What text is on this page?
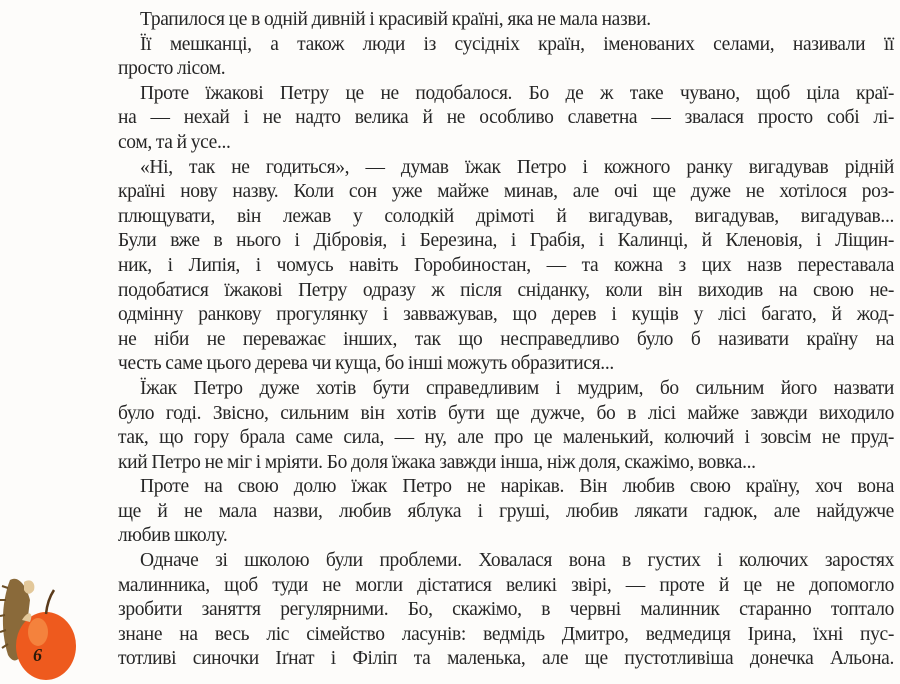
Трапилося це в одній дивній і красивій країні, яка не мала назви.
Її мешканці, а також люди із сусідніх країн, іменованих селами, називали її
просто лісом.
Проте їжакові Петру це не подобалося. Бо де ж таке чувано, щоб ціла краї-
на — нехай і не надто велика й не особливо славетна — звалася просто собі лі-
сом, та й усе...
«Ні, так не годиться», — думав їжак Петро і кожного ранку вигадував рідній
країні нову назву. Коли сон уже майже минав, але очі ще дуже не хотілося роз-
плющувати, він лежав у солодкій дрімоті й вигадував, вигадував, вигадував...
Були вже в нього і Дібровія, і Березина, і Грабія, і Калинці, й Кленовія, і Ліщин-
ник, і Липія, і чомусь навіть Горобиностан, — та кожна з цих назв переставала
подобатися їжакові Петру одразу ж після сніданку, коли він виходив на свою не-
одмінну ранкову прогулянку і завважував, що дерев і кущів у лісі багато, й жод-
не ніби не переважає інших, так що несправедливо було б називати країну на
честь саме цього дерева чи куща, бо інші можуть образитися...
Їжак Петро дуже хотів бути справедливим і мудрим, бо сильним його назвати
було годі. Звісно, сильним він хотів бути ще дужче, бо в лісі майже завжди виходило
так, що гору брала саме сила, — ну, але про це маленький, колючий і зовсім не пруд-
кий Петро не міг і мріяти. Бо доля їжака завжди інша, ніж доля, скажімо, вовка...
Проте на свою долю їжак Петро не нарікав. Він любив свою країну, хоч вона
ще й не мала назви, любив яблука і груші, любив лякати гадюк, але найдужче
любив школу.
Одначе зі школою були проблеми. Ховалася вона в густих і колючих заростях
малинника, щоб туди не могли дістатися великі звірі, — проте й це не допомогло
зробити заняття регулярними. Бо, скажімо, в червні малинник старанно топтало
знане на весь ліс сімейство ласунів: ведмідь Дмитро, ведмедиця Ірина, їхні пус-
тотливі синочки Іґнат і Філіп та маленька, але ще пустотливіша донечка Альона.
6
